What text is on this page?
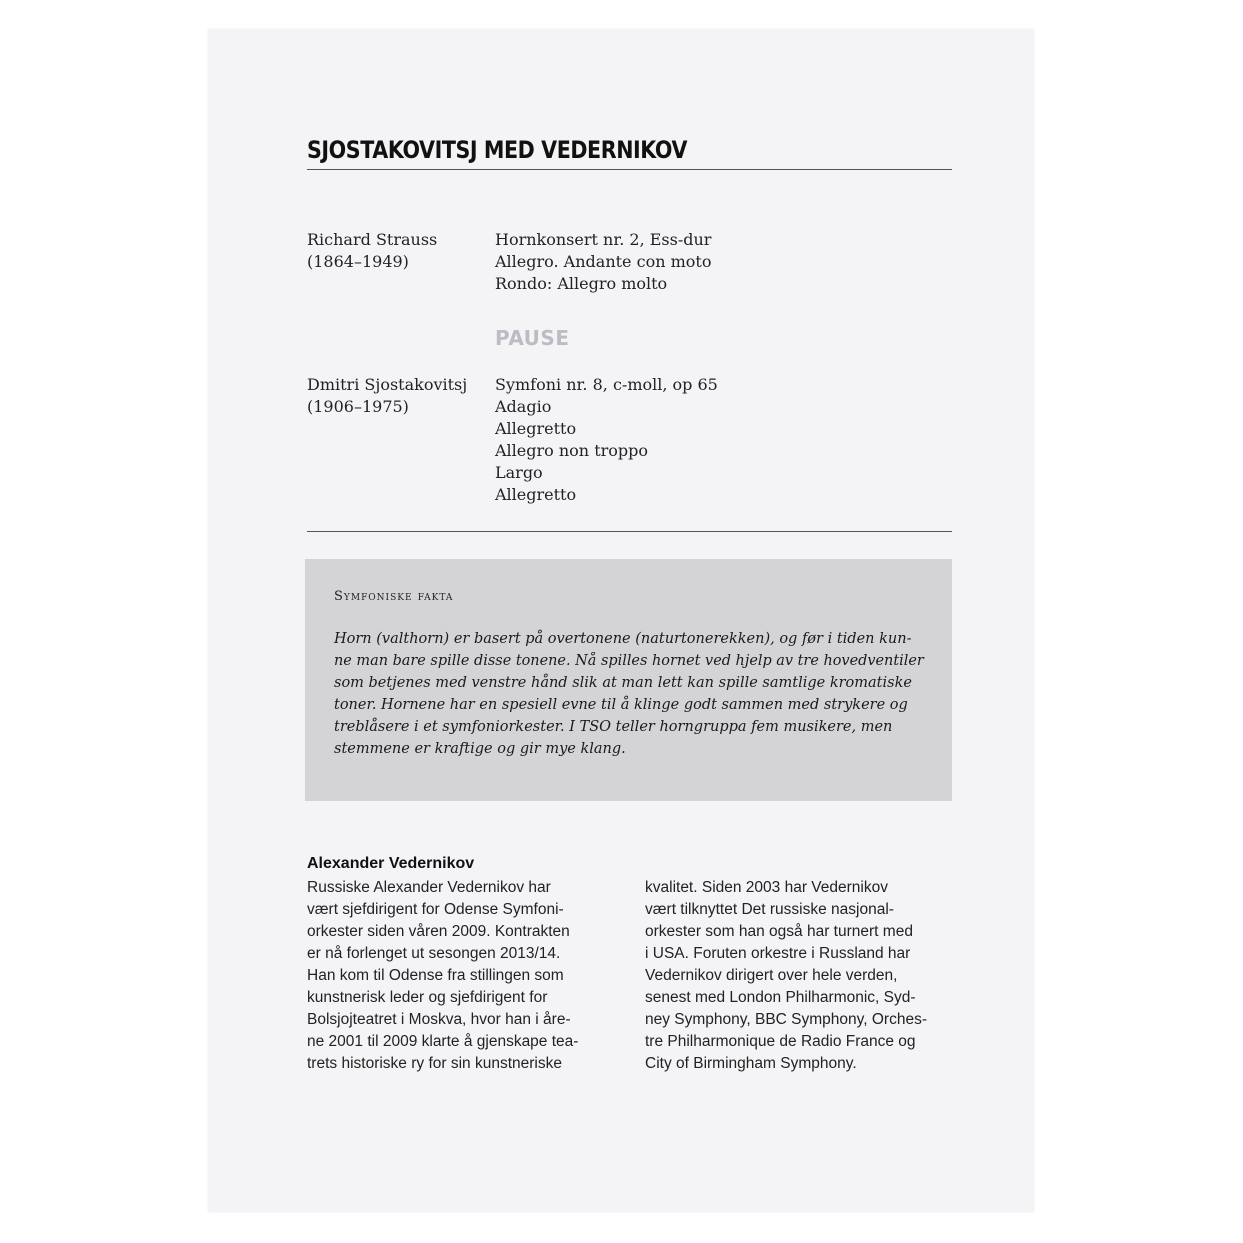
SJOSTAKOVITSJ MED VEDERNIKOV
Richard Strauss
(1864–1949)
Hornkonsert nr. 2, Ess-dur
Allegro. Andante con moto
Rondo: Allegro molto
PAUSE
Dmitri Sjostakovitsj
(1906–1975)
Symfoni nr. 8, c-moll, op 65
Adagio
Allegretto
Allegro non troppo
Largo
Allegretto
Symfoniske fakta
Horn (valthorn) er basert på overtonene (naturtonerekken), og før i tiden kun-
ne man bare spille disse tonene. Nå spilles hornet ved hjelp av tre hovedventiler
som betjenes med venstre hånd slik at man lett kan spille samtlige kromatiske
toner. Hornene har en spesiell evne til å klinge godt sammen med strykere og
treblåsere i et symfoniorkester. I TSO teller horngruppa fem musikere, men
stemmene er kraftige og gir mye klang.
Alexander Vedernikov
Russiske Alexander Vedernikov har
vært sjefdirigent for Odense Symfoni-
orkester siden våren 2009. Kontrakten
er nå forlenget ut sesongen 2013/14.
Han kom til Odense fra stillingen som
kunstnerisk leder og sjefdirigent for
Bolsjojteatret i Moskva, hvor han i åre-
ne 2001 til 2009 klarte å gjenskape tea-
trets historiske ry for sin kunstneriske
kvalitet. Siden 2003 har Vedernikov
vært tilknyttet Det russiske nasjonal-
orkester som han også har turnert med
i USA. Foruten orkestre i Russland har
Vedernikov dirigert over hele verden,
senest med London Philharmonic, Syd-
ney Symphony, BBC Symphony, Orches-
tre Philharmonique de Radio France og
City of Birmingham Symphony.
